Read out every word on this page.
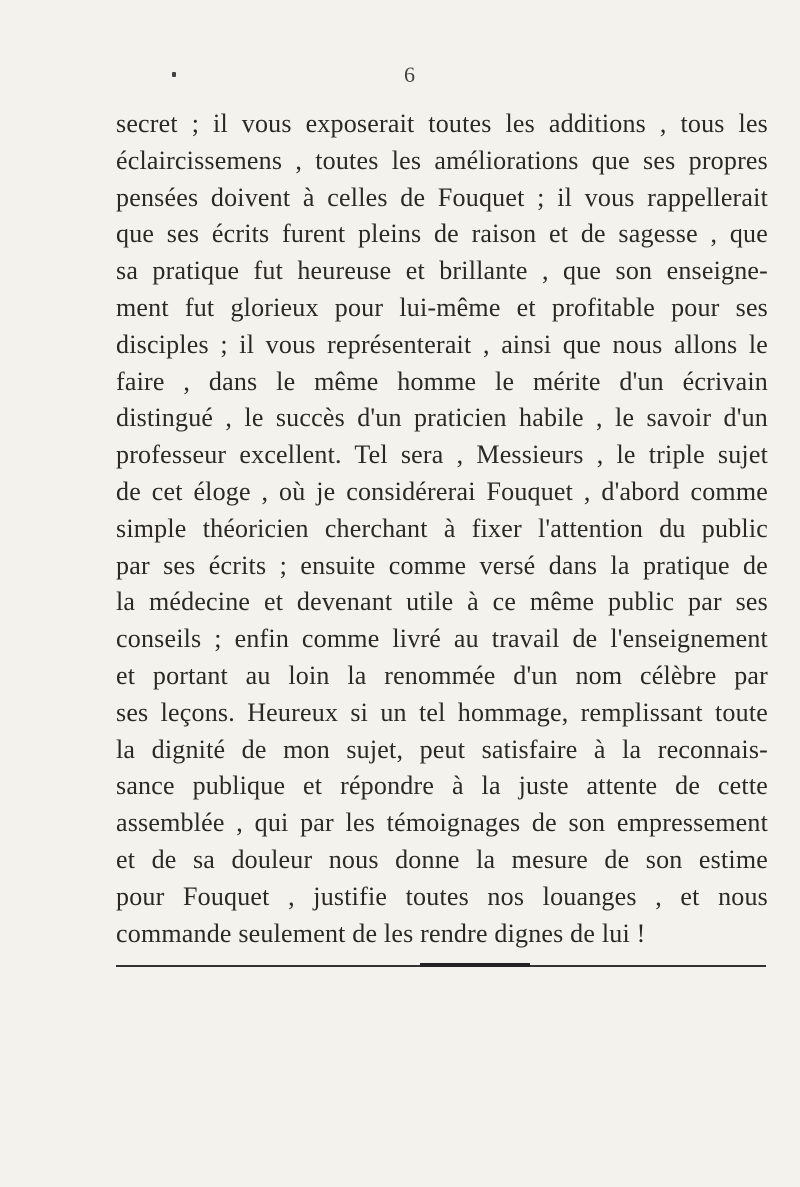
6
secret ; il vous exposerait toutes les additions , tous les
éclaircissemens , toutes les améliorations que ses propres
pensées doivent à celles de Fouquet ; il vous rappellerait
que ses écrits furent pleins de raison et de sagesse , que
sa pratique fut heureuse et brillante , que son enseigne-
ment fut glorieux pour lui-même et profitable pour ses
disciples ; il vous représenterait , ainsi que nous allons le
faire , dans le même homme le mérite d'un écrivain
distingué , le succès d'un praticien habile , le savoir d'un
professeur excellent. Tel sera , Messieurs , le triple sujet
de cet éloge , où je considérerai Fouquet , d'abord comme
simple théoricien cherchant à fixer l'attention du public
par ses écrits ; ensuite comme versé dans la pratique de
la médecine et devenant utile à ce même public par ses
conseils ; enfin comme livré au travail de l'enseignement
et portant au loin la renommée d'un nom célèbre par
ses leçons. Heureux si un tel hommage, remplissant toute
la dignité de mon sujet, peut satisfaire à la reconnais-
sance publique et répondre à la juste attente de cette
assemblée , qui par les témoignages de son empressement
et de sa douleur nous donne la mesure de son estime
pour Fouquet , justifie toutes nos louanges , et nous
commande seulement de les rendre dignes de lui !
